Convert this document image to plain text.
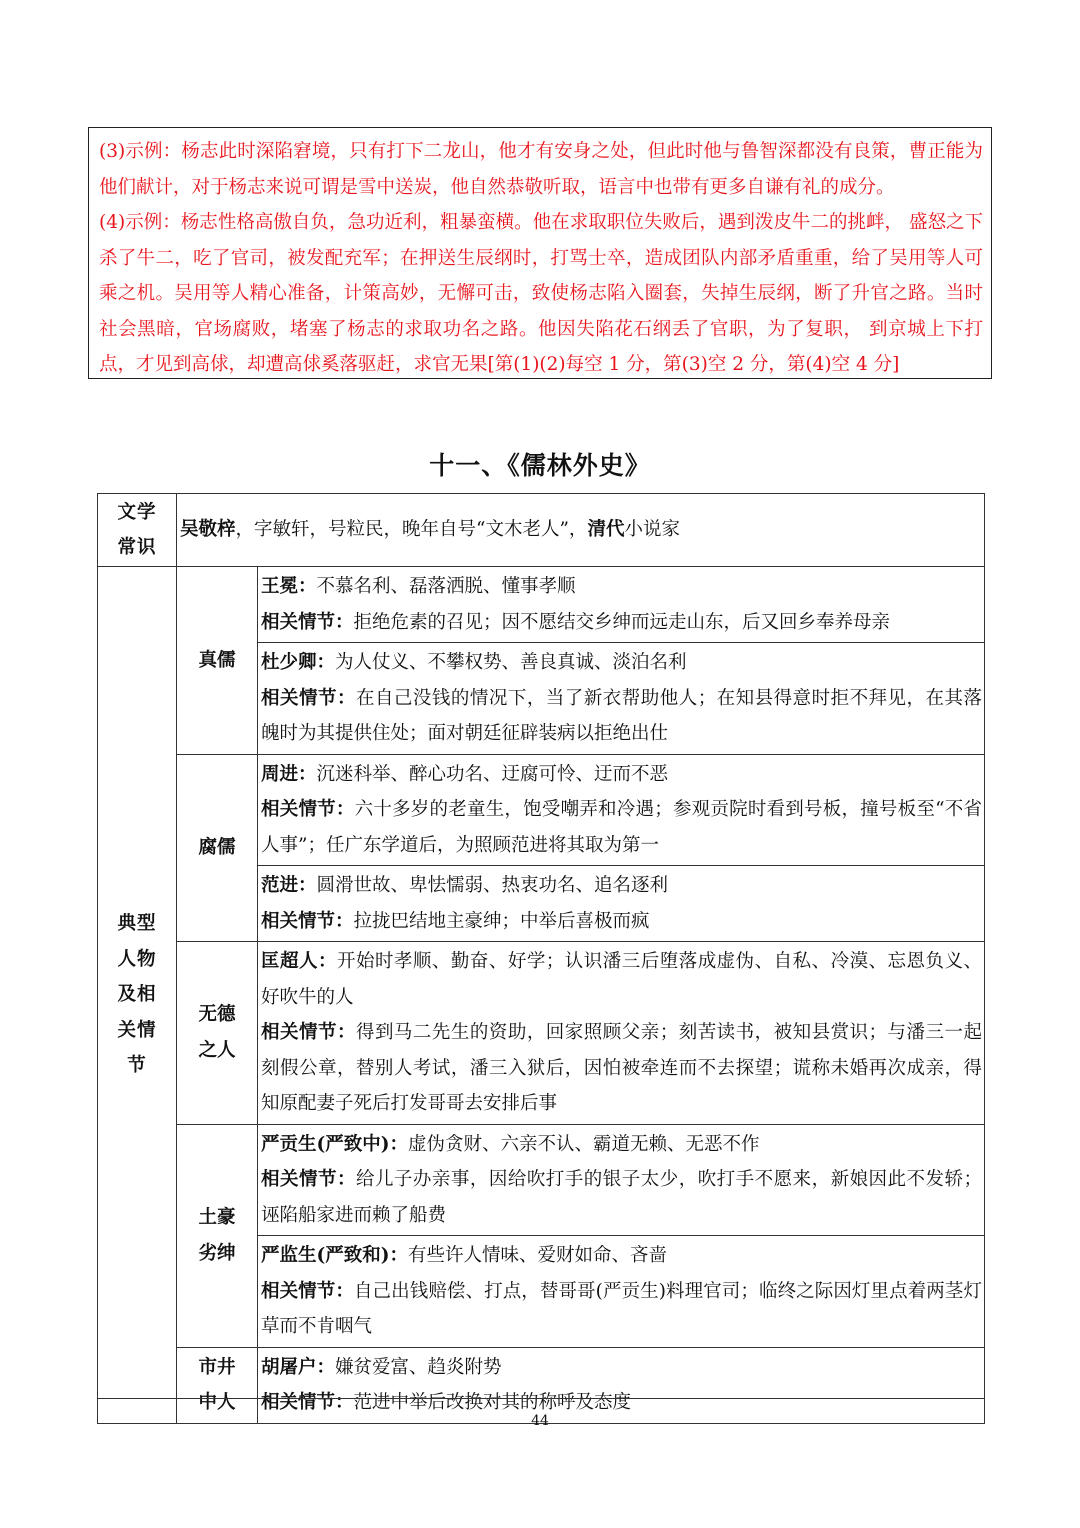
(3)示例：杨志此时深陷窘境，只有打下二龙山，他才有安身之处，但此时他与鲁智深都没有良策，曹正能为他们献计，对于杨志来说可谓是雪中送炭，他自然恭敬听取，语言中也带有更多自谦有礼的成分。

(4)示例：杨志性格高傲自负，急功近利，粗暴蛮横。他在求取职位失败后，遇到泼皮牛二的挑衅， 盛怒之下杀了牛二，吃了官司，被发配充军；在押送生辰纲时，打骂士卒，造成团队内部矛盾重重，给了吴用等人可乘之机。吴用等人精心准备，计策高妙，无懈可击，致使杨志陷入圈套，失掉生辰纲，断了升官之路。当时社会黑暗，官场腐败，堵塞了杨志的求取功名之路。他因失陷花石纲丢了官职，为了复职， 到京城上下打点，才见到高俅，却遭高俅奚落驱赶，求官无果[第(1)(2)每空 1 分，第(3)空 2 分，第(4)空 4 分]

十一、《儒林外史》
文学常识	吴敬梓，字敏轩，号粒民，晚年自号“文木老人”，清代小说家	
典型人物及相关情节	真儒	王冕：不慕名利、磊落洒脱、懂事孝顺
相关情节：拒绝危素的召见；因不愿结交乡绅而远走山东，后又回乡奉养母亲

		杜少卿：为人仗义、不攀权势、善良真诚、淡泊名利
相关情节：在自己没钱的情况下，当了新衣帮助他人；在知县得意时拒不拜见，在其落魄时为其提供住处；面对朝廷征辟装病以拒绝出仕

	腐儒	周进：沉迷科举、醉心功名、迂腐可怜、迂而不恶
相关情节：六十多岁的老童生，饱受嘲弄和冷遇；参观贡院时看到号板，撞号板至“不省人事”；任广东学道后，为照顾范进将其取为第一

		范进：圆滑世故、卑怯懦弱、热衷功名、追名逐利
相关情节：拉拢巴结地主豪绅；中举后喜极而疯

	无德之人	匡超人：开始时孝顺、勤奋、好学；认识潘三后堕落成虚伪、自私、冷漠、忘恩负义、好吹牛的人
相关情节：得到马二先生的资助，回家照顾父亲；刻苦读书，被知县赏识；与潘三一起刻假公章，替别人考试，潘三入狱后，因怕被牵连而不去探望；谎称未婚再次成亲，得知原配妻子死后打发哥哥去安排后事

	土豪劣绅	严贡生(严致中)：虚伪贪财、六亲不认、霸道无赖、无恶不作
相关情节：给儿子办亲事，因给吹打手的银子太少，吹打手不愿来，新娘因此不发轿；诬陷船家进而赖了船费

		严监生(严致和)：有些许人情味、爱财如命、吝啬
相关情节：自己出钱赔偿、打点，替哥哥(严贡生)料理官司；临终之际因灯里点着两茎灯草而不肯咽气

	市井中人	胡屠户：嫌贫爱富、趋炎附势
相关情节：范进中举后改换对其的称呼及态度
44
